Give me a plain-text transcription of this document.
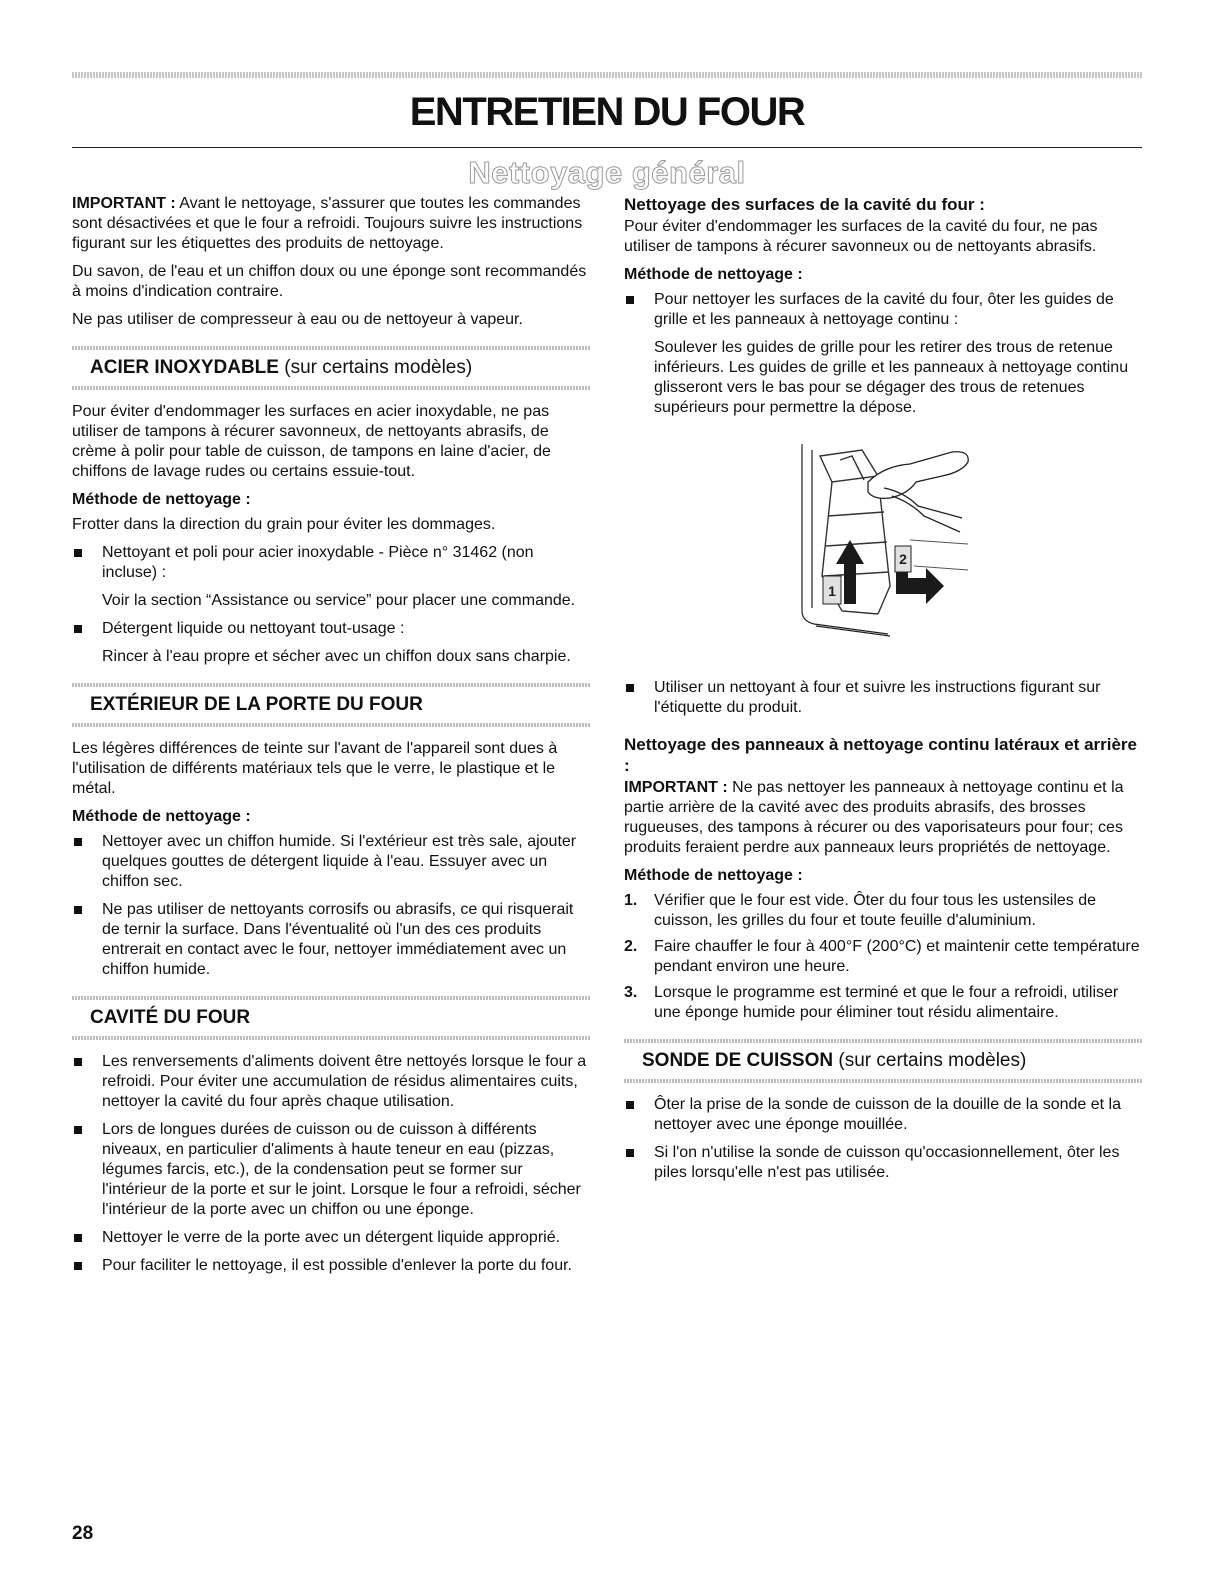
ENTRETIEN DU FOUR
Nettoyage général

IMPORTANT : Avant le nettoyage, s'assurer que toutes les commandes sont désactivées et que le four a refroidi. Toujours suivre les instructions figurant sur les étiquettes des produits de nettoyage.

Du savon, de l'eau et un chiffon doux ou une éponge sont recommandés à moins d'indication contraire.

Ne pas utiliser de compresseur à eau ou de nettoyeur à vapeur.

ACIER INOXYDABLE (sur certains modèles)

Pour éviter d'endommager les surfaces en acier inoxydable, ne pas utiliser de tampons à récurer savonneux, de nettoyants abrasifs, de crème à polir pour table de cuisson, de tampons en laine d'acier, de chiffons de lavage rudes ou certains essuie-tout.

Méthode de nettoyage :

Frotter dans la direction du grain pour éviter les dommages.

Nettoyant et poli pour acier inoxydable - Pièce n° 31462 (non incluse) :

Voir la section “Assistance ou service” pour placer une commande.

Détergent liquide ou nettoyant tout-usage :

Rincer à l'eau propre et sécher avec un chiffon doux sans charpie.

EXTÉRIEUR DE LA PORTE DU FOUR

Les légères différences de teinte sur l'avant de l'appareil sont dues à l'utilisation de différents matériaux tels que le verre, le plastique et le métal.

Méthode de nettoyage :

Nettoyer avec un chiffon humide. Si l'extérieur est très sale, ajouter quelques gouttes de détergent liquide à l'eau. Essuyer avec un chiffon sec.

Ne pas utiliser de nettoyants corrosifs ou abrasifs, ce qui risquerait de ternir la surface. Dans l'éventualité où l'un des ces produits entrerait en contact avec le four, nettoyer immédiatement avec un chiffon humide.

CAVITÉ DU FOUR

Les renversements d'aliments doivent être nettoyés lorsque le four a refroidi. Pour éviter une accumulation de résidus alimentaires cuits, nettoyer la cavité du four après chaque utilisation.

Lors de longues durées de cuisson ou de cuisson à différents niveaux, en particulier d'aliments à haute teneur en eau (pizzas, légumes farcis, etc.), de la condensation peut se former sur l'intérieur de la porte et sur le joint. Lorsque le four a refroidi, sécher l'intérieur de la porte avec un chiffon ou une éponge.

Nettoyer le verre de la porte avec un détergent liquide approprié.

Pour faciliter le nettoyage, il est possible d'enlever la porte du four.

Nettoyage des surfaces de la cavité du four :

Pour éviter d'endommager les surfaces de la cavité du four, ne pas utiliser de tampons à récurer savonneux ou de nettoyants abrasifs.

Méthode de nettoyage :

Pour nettoyer les surfaces de la cavité du four, ôter les guides de grille et les panneaux à nettoyage continu :

Soulever les guides de grille pour les retirer des trous de retenue inférieurs. Les guides de grille et les panneaux à nettoyage continu glisseront vers le bas pour se dégager des trous de retenues supérieurs pour permettre la dépose.

1
2

Utiliser un nettoyant à four et suivre les instructions figurant sur l'étiquette du produit.

Nettoyage des panneaux à nettoyage continu latéraux et arrière :

IMPORTANT : Ne pas nettoyer les panneaux à nettoyage continu et la partie arrière de la cavité avec des produits abrasifs, des brosses rugueuses, des tampons à récurer ou des vaporisateurs pour four; ces produits feraient perdre aux panneaux leurs propriétés de nettoyage.

Méthode de nettoyage :

1. Vérifier que le four est vide. Ôter du four tous les ustensiles de cuisson, les grilles du four et toute feuille d'aluminium.
2. Faire chauffer le four à 400°F (200°C) et maintenir cette température pendant environ une heure.
3. Lorsque le programme est terminé et que le four a refroidi, utiliser une éponge humide pour éliminer tout résidu alimentaire.
SONDE DE CUISSON (sur certains modèles)

Ôter la prise de la sonde de cuisson de la douille de la sonde et la nettoyer avec une éponge mouillée.

Si l'on n'utilise la sonde de cuisson qu'occasionnellement, ôter les piles lorsqu'elle n'est pas utilisée.

28
